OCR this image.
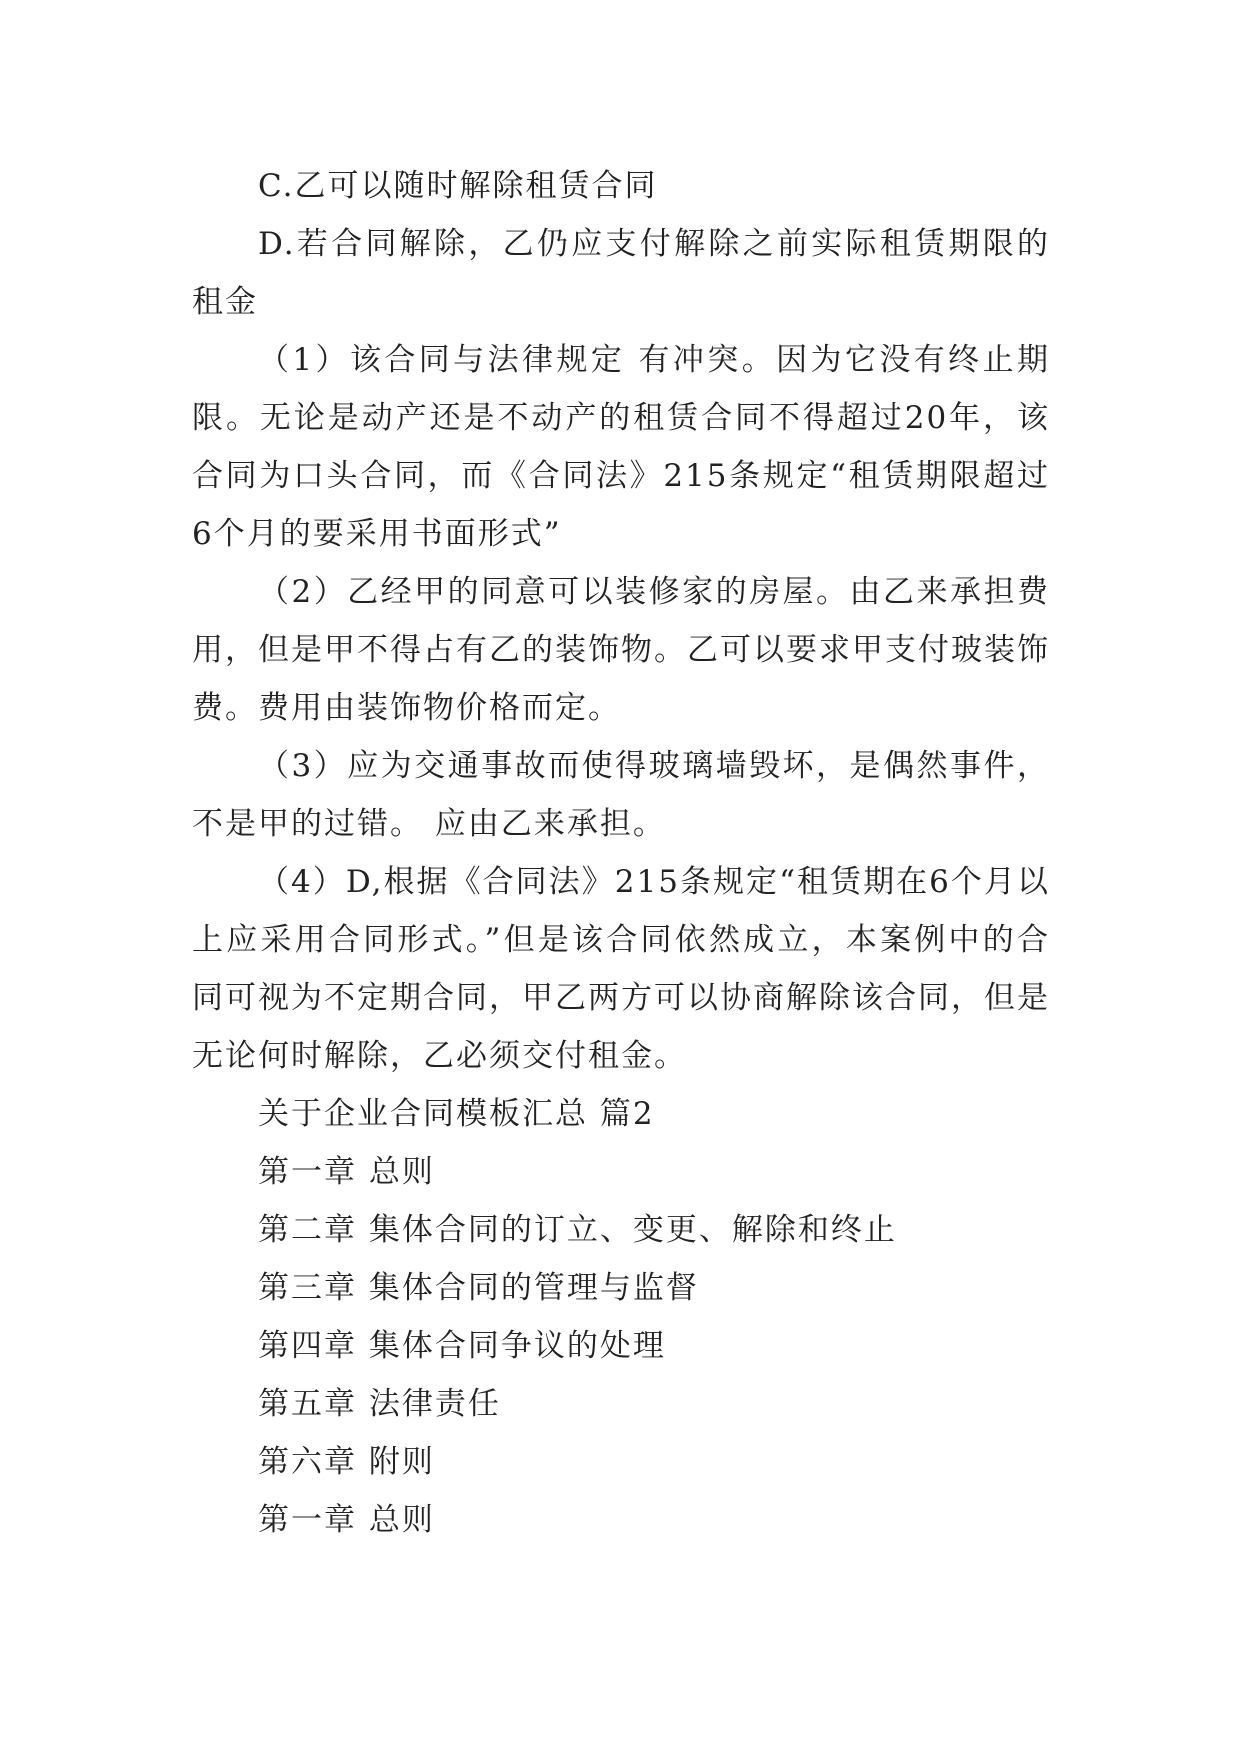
C.乙可以随时解除租赁合同

D.若合同解除，乙仍应支付解除之前实际租赁期限的租金

（1）该合同与法律规定 有冲突。因为它没有终止期限。无论是动产还是不动产的租赁合同不得超过20年，该合同为口头合同，而《合同法》215条规定“租赁期限超过6个月的要采用书面形式”

（2）乙经甲的同意可以装修家的房屋。由乙来承担费用，但是甲不得占有乙的装饰物。乙可以要求甲支付玻装饰费。费用由装饰物价格而定。

（3）应为交通事故而使得玻璃墙毁坏，是偶然事件，不是甲的过错。 应由乙来承担。

（4）D,根据《合同法》215条规定“租赁期在6个月以上应采用合同形式。”但是该合同依然成立，本案例中的合同可视为不定期合同，甲乙两方可以协商解除该合同，但是无论何时解除，乙必须交付租金。

关于企业合同模板汇总 篇2

第一章 总则

第二章 集体合同的订立、变更、解除和终止

第三章 集体合同的管理与监督

第四章 集体合同争议的处理

第五章 法律责任

第六章 附则

第一章 总则
